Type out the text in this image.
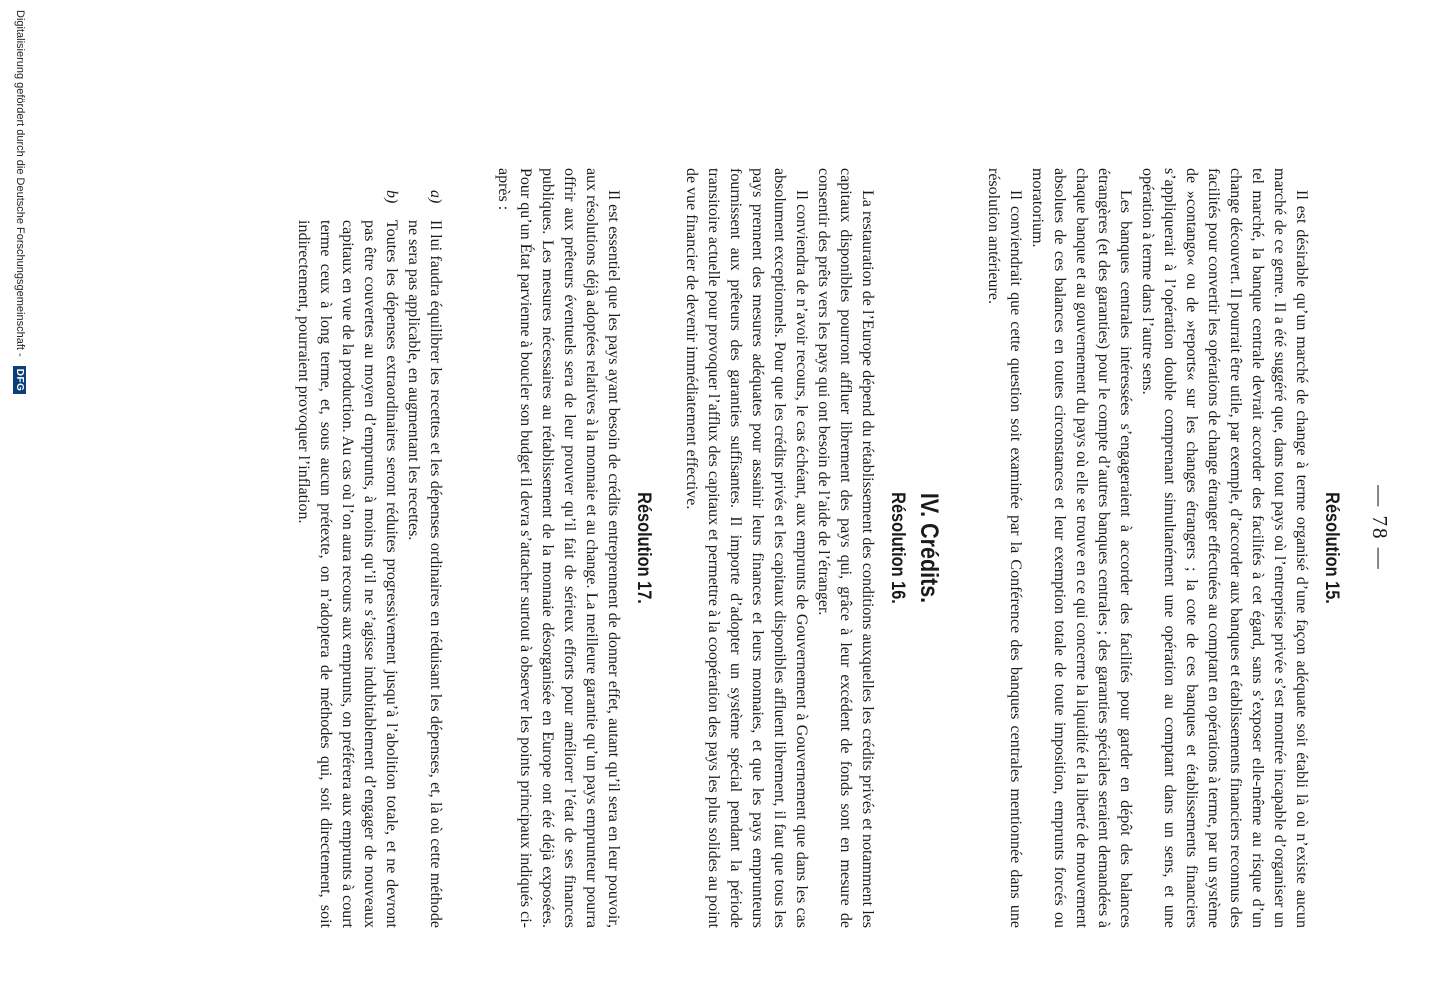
— 78 —
Résolution 15.

Il est désirable qu’un marché de change à terme organisé d’une façon adéquate soit établi là où n’existe aucun marché de ce genre. Il a été suggéré que, dans tout pays où l’entreprise privée s’est montrée incapable d’organiser un tel marché, la banque centrale devrait accorder des facilités à cet égard, sans s’exposer elle-même au risque d’un change découvert. Il pourrait être utile, par exemple, d’accorder aux banques et établissements financiers reconnus des facilités pour convertir les opérations de change étranger effectuées au comptant en opérations à terme, par un système de »contango« ou de »reports« sur les changes étrangers ; la cote de ces banques et établissements financiers s’appliquerait à l’opération double comprenant simultanément une opération au comptant dans un sens, et une opération à terme dans l’autre sens.

Les banques centrales intéressées s’engageraient à accorder des facilités pour garder en dépôt des balances étrangères (et des garanties) pour le compte d’autres banques centrales ; des garanties spéciales seraient demandées à chaque banque et au gouvernement du pays où elle se trouve en ce qui concerne la liquidité et la liberté de mouvement absolues de ces balances en toutes circonstances et leur exemption totale de toute imposition, emprunts forcés ou moratorium.

Il conviendrait que cette question soit examinée par la Conférence des banques centrales mentionnée dans une résolution antérieure.

IV. Crédits.
Résolution 16.

La restauration de l’Europe dépend du rétablissement des conditions auxquelles les crédits privés et notamment les capitaux disponibles pourront affluer librement des pays qui, grâce à leur excédent de fonds sont en mesure de consentir des prêts vers les pays qui ont besoin de l’aide de l’étranger.

Il conviendra de n’avoir recours, le cas échéant, aux emprunts de Gouvernement à Gouvernement que dans les cas absolument exceptionnels. Pour que les crédits privés et les capitaux disponibles affluent librement, il faut que tous les pays prennent des mesures adéquates pour assainir leurs finances et leurs monnaies, et que les pays emprunteurs fournissent aux prêteurs des garanties suffisantes. Il importe d’adopter un système spécial pendant la période transitoire actuelle pour provoquer l’afflux des capitaux et permettre à la coopération des pays les plus solides au point de vue financier de devenir immédiatement effective.

Résolution 17.

Il est essentiel que les pays ayant besoin de crédits entreprennent de donner effet, autant qu’il sera en leur pouvoir, aux résolutions déjà adoptées relatives à la monnaie et au change. La meilleure garantie qu’un pays emprunteur pourra offrir aux prêteurs éventuels sera de leur prouver qu’il fait de sérieux efforts pour améliorer l’état de ses finances publiques. Les mesures nécessaires au rétablissement de la monnaie désorganisée en Europe ont été déjà exposées. Pour qu’un État parvienne à boucler son budget il devra s’attacher surtout à observer les points principaux indiqués ci-après :

a)
Il lui faudra équilibrer les recettes et les dépenses ordinaires en réduisant les dépenses, et, là où cette méthode ne sera pas applicable, en augmentant les recettes.

b)
Toutes les dépenses extraordinaires seront réduites progressivement jusqu’à l’abolition totale, et ne devront pas être couvertes au moyen d’emprunts, à moins qu’il ne s’agisse indubitablement d’engager de nouveaux capitaux en vue de la production. Au cas où l’on aura recours aux emprunts, on préférera aux emprunts à court terme ceux à long terme, et, sous aucun prétexte, on n’adoptera de méthodes qui, soit directement, soit indirectement, pourraient provoquer l’inflation.

Digitalisierung gefördert durch die Deutsche Forschungsgemeinschaft - DFG
